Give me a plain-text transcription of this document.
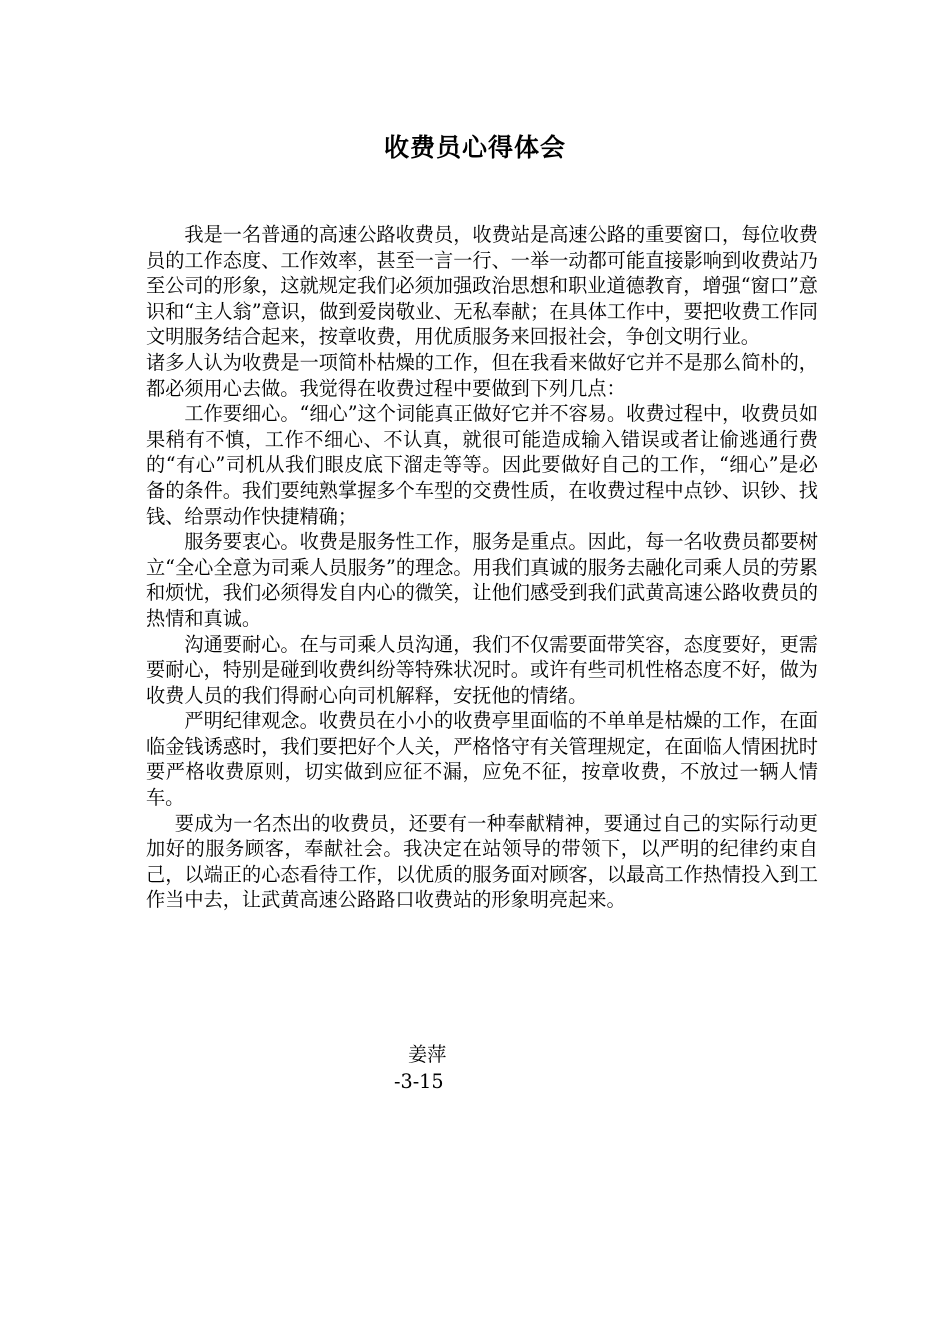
收费员心得体会

我是一名普通的高速公路收费员，收费站是高速公路的重要窗口，每位收费员的工作态度、工作效率，甚至一言一行、一举一动都可能直接影响到收费站乃至公司的形象，这就规定我们必须加强政治思想和职业道德教育，增强“窗口”意识和“主人翁”意识，做到爱岗敬业、无私奉献；在具体工作中，要把收费工作同文明服务结合起来，按章收费，用优质服务来回报社会，争创文明行业。

诸多人认为收费是一项简朴枯燥的工作，但在我看来做好它并不是那么简朴的，都必须用心去做。我觉得在收费过程中要做到下列几点：

工作要细心。“细心”这个词能真正做好它并不容易。收费过程中，收费员如果稍有不慎，工作不细心、不认真，就很可能造成输入错误或者让偷逃通行费的“有心”司机从我们眼皮底下溜走等等。因此要做好自己的工作，“细心”是必备的条件。我们要纯熟掌握多个车型的交费性质，在收费过程中点钞、识钞、找钱、给票动作快捷精确；

服务要衷心。收费是服务性工作，服务是重点。因此，每一名收费员都要树立“全心全意为司乘人员服务”的理念。用我们真诚的服务去融化司乘人员的劳累和烦忧，我们必须得发自内心的微笑，让他们感受到我们武黄高速公路收费员的热情和真诚。

沟通要耐心。在与司乘人员沟通，我们不仅需要面带笑容，态度要好，更需要耐心，特别是碰到收费纠纷等特殊状况时。或许有些司机性格态度不好，做为收费人员的我们得耐心向司机解释，安抚他的情绪。

严明纪律观念。收费员在小小的收费亭里面临的不单单是枯燥的工作，在面临金钱诱惑时，我们要把好个人关，严格恪守有关管理规定，在面临人情困扰时要严格收费原则，切实做到应征不漏，应免不征，按章收费，不放过一辆人情车。

要成为一名杰出的收费员，还要有一种奉献精神，要通过自己的实际行动更加好的服务顾客，奉献社会。我决定在站领导的带领下，以严明的纪律约束自己，以端正的心态看待工作，以优质的服务面对顾客，以最高工作热情投入到工作当中去，让武黄高速公路路口收费站的形象明亮起来。

姜萍
-3-15
